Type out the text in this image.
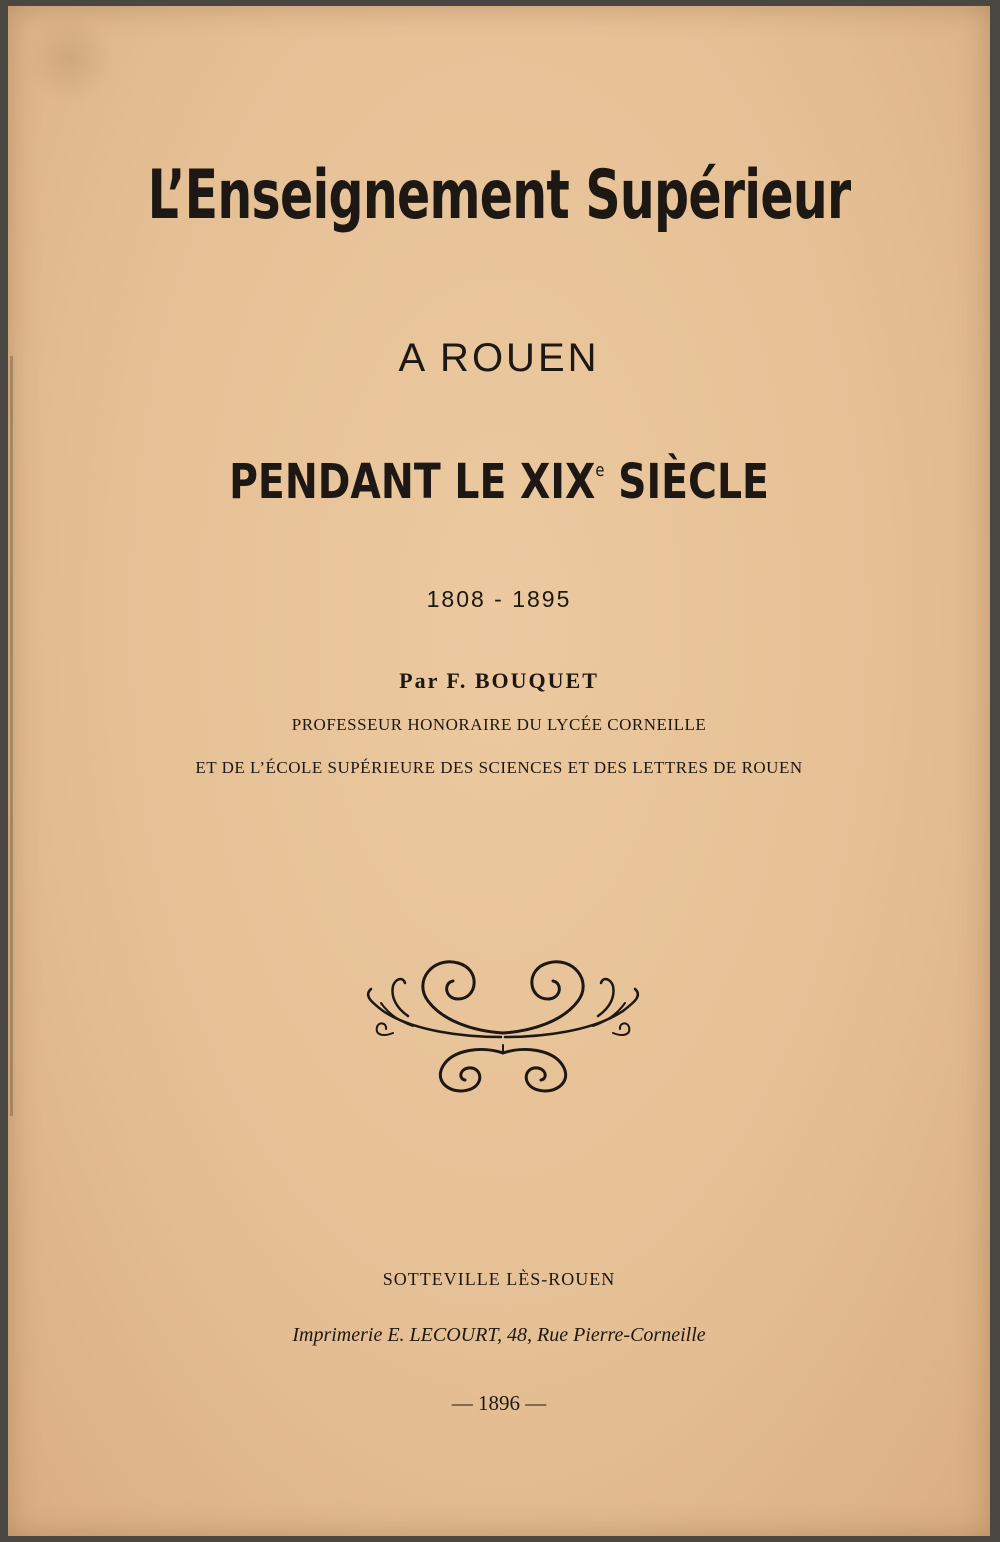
L’Enseignement Supérieur
A ROUEN
PENDANT LE XIXe SIÈCLE
1808 - 1895
Par F. BOUQUET
PROFESSEUR HONORAIRE DU LYCÉE CORNEILLE
ET DE L’ÉCOLE SUPÉRIEURE DES SCIENCES ET DES LETTRES DE ROUEN
SOTTEVILLE LÈS-ROUEN
Imprimerie E. LECOURT, 48, Rue Pierre-Corneille
— 1896 —
